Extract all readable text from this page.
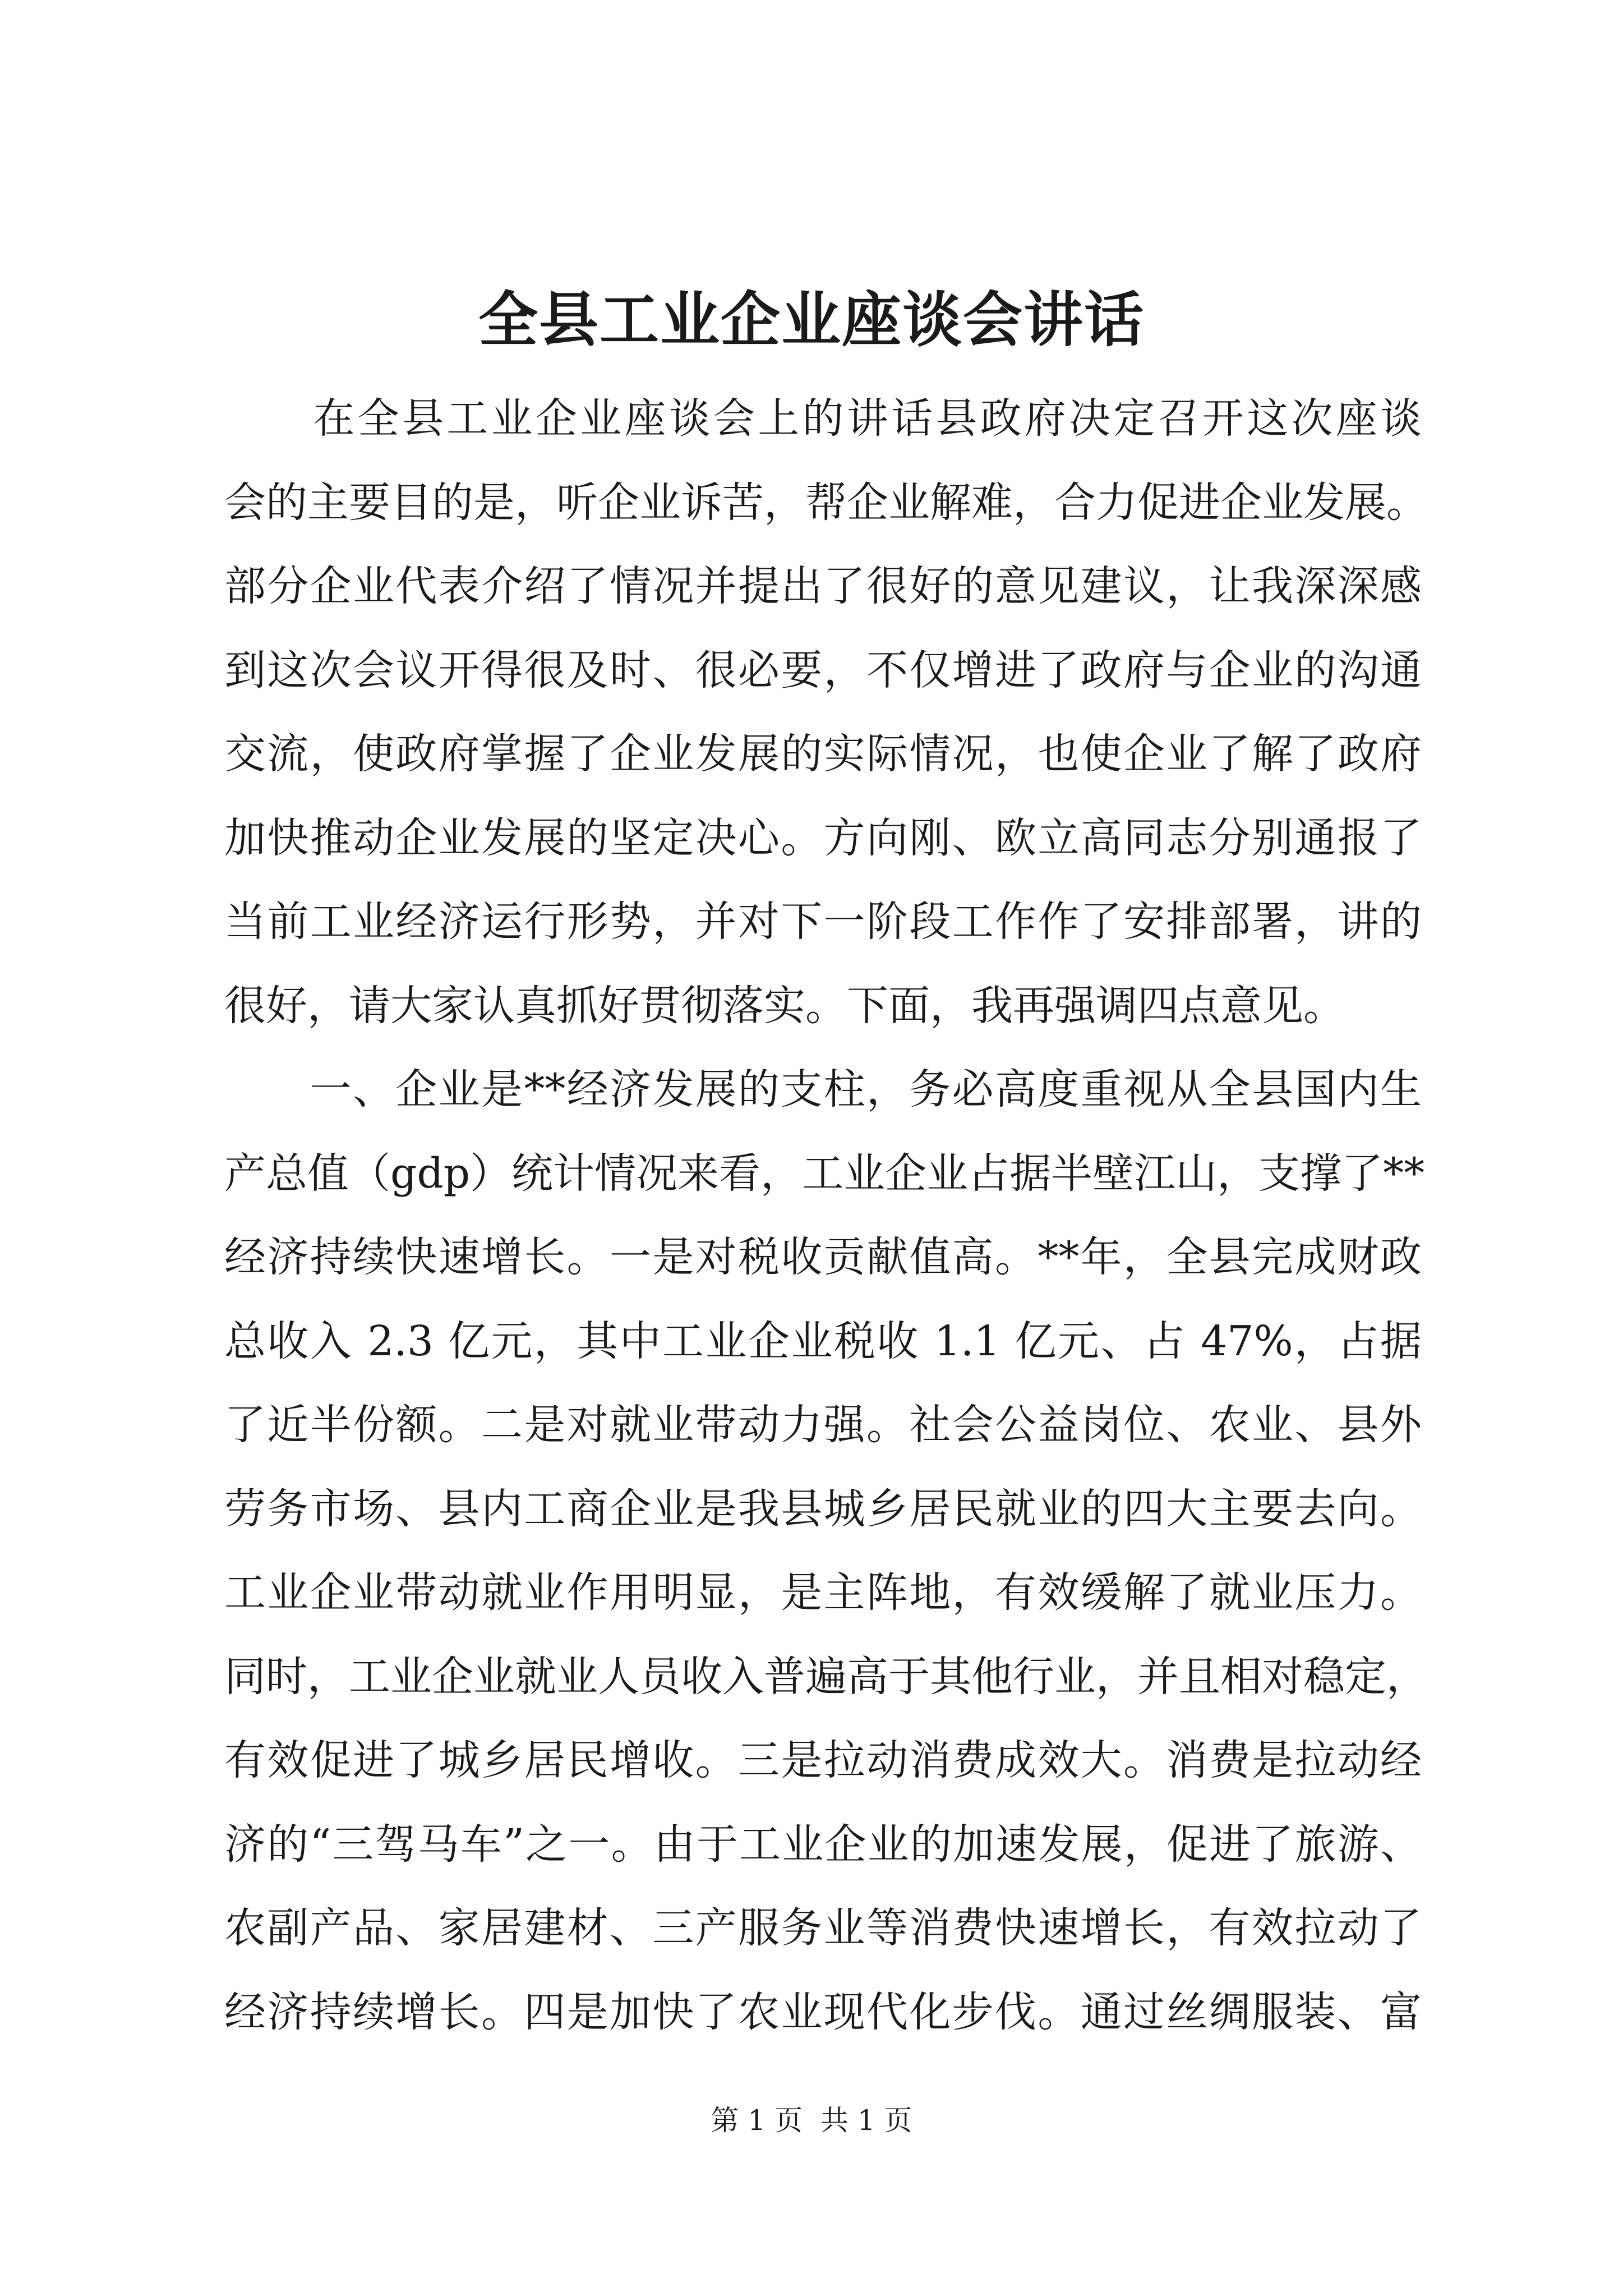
全县工业企业座谈会讲话
　　在全县工业企业座谈会上的讲话县政府决定召开这次座谈
会的主要目的是，听企业诉苦，帮企业解难，合力促进企业发展。
部分企业代表介绍了情况并提出了很好的意见建议，让我深深感
到这次会议开得很及时、很必要，不仅增进了政府与企业的沟通
交流，使政府掌握了企业发展的实际情况，也使企业了解了政府
加快推动企业发展的坚定决心。方向刚、欧立高同志分别通报了
当前工业经济运行形势，并对下一阶段工作作了安排部署，讲的
很好，请大家认真抓好贯彻落实。下面，我再强调四点意见。
　　一、企业是**经济发展的支柱，务必高度重视从全县国内生
产总值（gdp）统计情况来看，工业企业占据半壁江山，支撑了**
经济持续快速增长。一是对税收贡献值高。**年，全县完成财政
总收入 2.3 亿元，其中工业企业税收 1.1 亿元、占 47%，占据
了近半份额。二是对就业带动力强。社会公益岗位、农业、县外
劳务市场、县内工商企业是我县城乡居民就业的四大主要去向。
工业企业带动就业作用明显，是主阵地，有效缓解了就业压力。
同时，工业企业就业人员收入普遍高于其他行业，并且相对稳定，
有效促进了城乡居民增收。三是拉动消费成效大。消费是拉动经
济的“三驾马车”之一。由于工业企业的加速发展，促进了旅游、
农副产品、家居建材、三产服务业等消费快速增长，有效拉动了
经济持续增长。四是加快了农业现代化步伐。通过丝绸服装、富
第 1 页  共 1 页
